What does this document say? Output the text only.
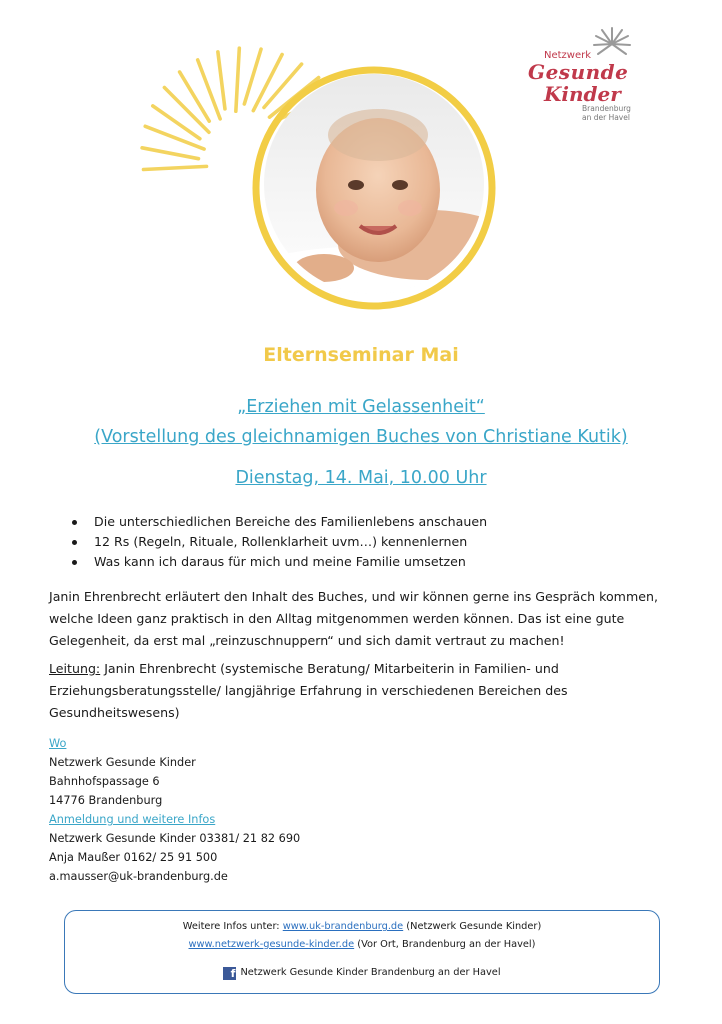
Netzwerk
Gesunde
Kinder
Brandenburg
an der Havel
Elternseminar Mai
„Erziehen mit Gelassenheit“
(Vorstellung des gleichnamigen Buches von Christiane Kutik)
Dienstag, 14. Mai, 10.00 Uhr
Die unterschiedlichen Bereiche des Familienlebens anschauen
12 Rs (Regeln, Rituale, Rollenklarheit uvm…) kennenlernen
Was kann ich daraus für mich und meine Familie umsetzen

Janin Ehrenbrecht erläutert den Inhalt des Buches, und wir können gerne ins Gespräch kommen, welche Ideen ganz praktisch in den Alltag mitgenommen werden können. Das ist eine gute Gelegenheit, da erst mal „reinzuschnuppern“ und sich damit vertraut zu machen!

Leitung: Janin Ehrenbrecht (systemische Beratung/ Mitarbeiterin in Familien- und Erziehungsberatungsstelle/ langjährige Erfahrung in verschiedenen Bereichen des Gesundheitswesens)

Wo
Netzwerk Gesunde Kinder
Bahnhofspassage 6
14776 Brandenburg
Anmeldung und weitere Infos
Netzwerk Gesunde Kinder 03381/ 21 82 690
Anja Maußer 0162/ 25 91 500
a.mausser@uk-brandenburg.de
Weitere Infos unter: www.uk-brandenburg.de (Netzwerk Gesunde Kinder)
www.netzwerk-gesunde-kinder.de (Vor Ort, Brandenburg an der Havel)
f Netzwerk Gesunde Kinder Brandenburg an der Havel
